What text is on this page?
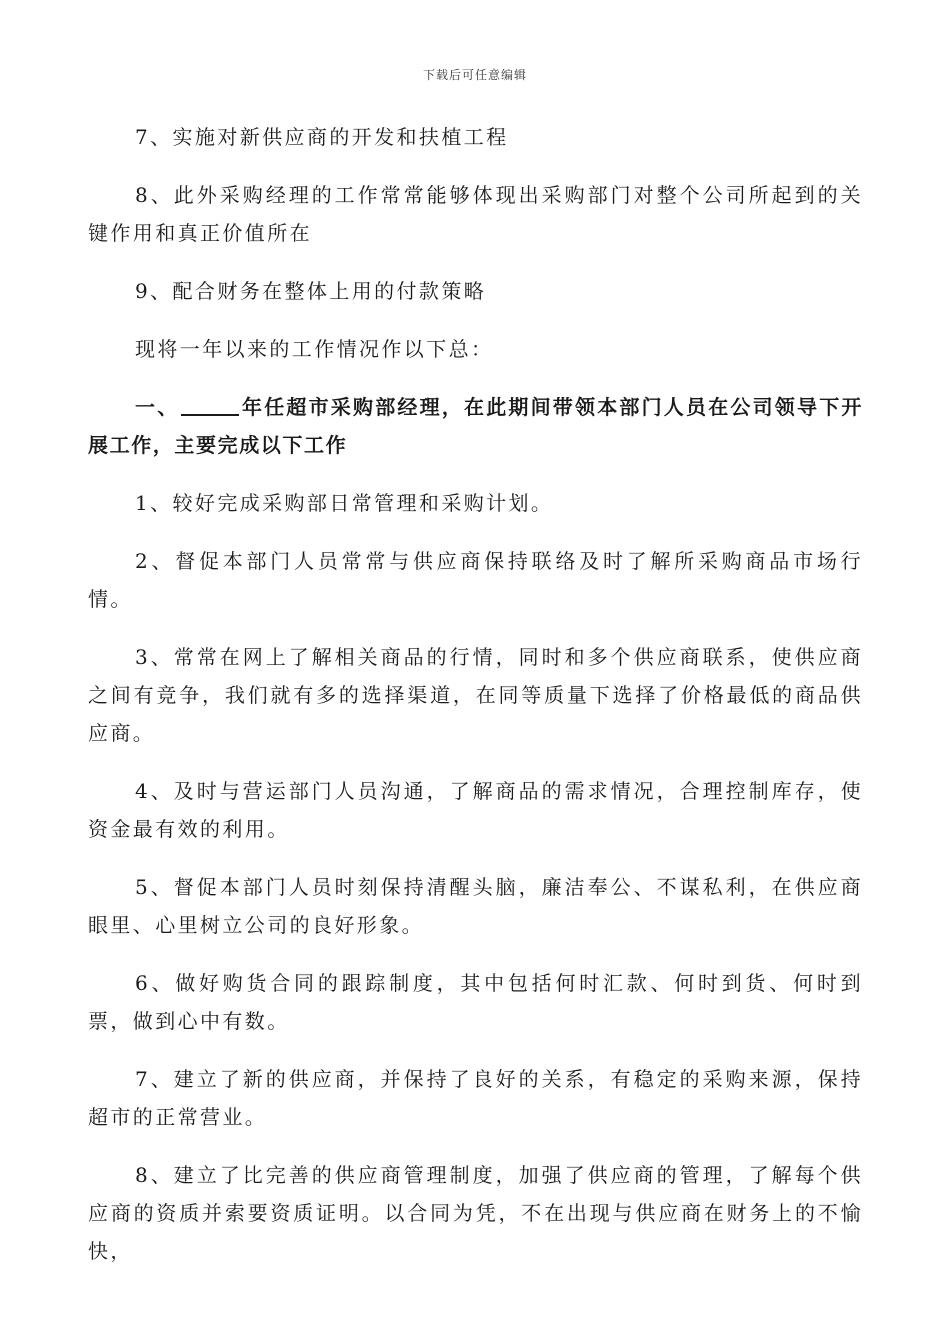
下载后可任意编辑

7、实施对新供应商的开发和扶植工程

8、此外采购经理的工作常常能够体现出采购部门对整个公司所起到的关键作用和真正价值所在

9、配合财务在整体上用的付款策略

现将一年以来的工作情况作以下总：

一、	年任超市采购部经理，在此期间带领本部门人员在公司领导下开展工作，主要完成以下工作

1、较好完成采购部日常管理和采购计划。

2、督促本部门人员常常与供应商保持联络及时了解所采购商品市场行情。

3、常常在网上了解相关商品的行情，同时和多个供应商联系，使供应商之间有竞争，我们就有多的选择渠道，在同等质量下选择了价格最低的商品供应商。

4、及时与营运部门人员沟通，了解商品的需求情况，合理控制库存，使资金最有效的利用。

5、督促本部门人员时刻保持清醒头脑，廉洁奉公、不谋私利，在供应商眼里、心里树立公司的良好形象。

6、做好购货合同的跟踪制度，其中包括何时汇款、何时到货、何时到票，做到心中有数。

7、建立了新的供应商，并保持了良好的关系，有稳定的采购来源，保持超市的正常营业。

8、建立了比完善的供应商管理制度，加强了供应商的管理，了解每个供应商的资质并索要资质证明。以合同为凭，不在出现与供应商在财务上的不愉快，
